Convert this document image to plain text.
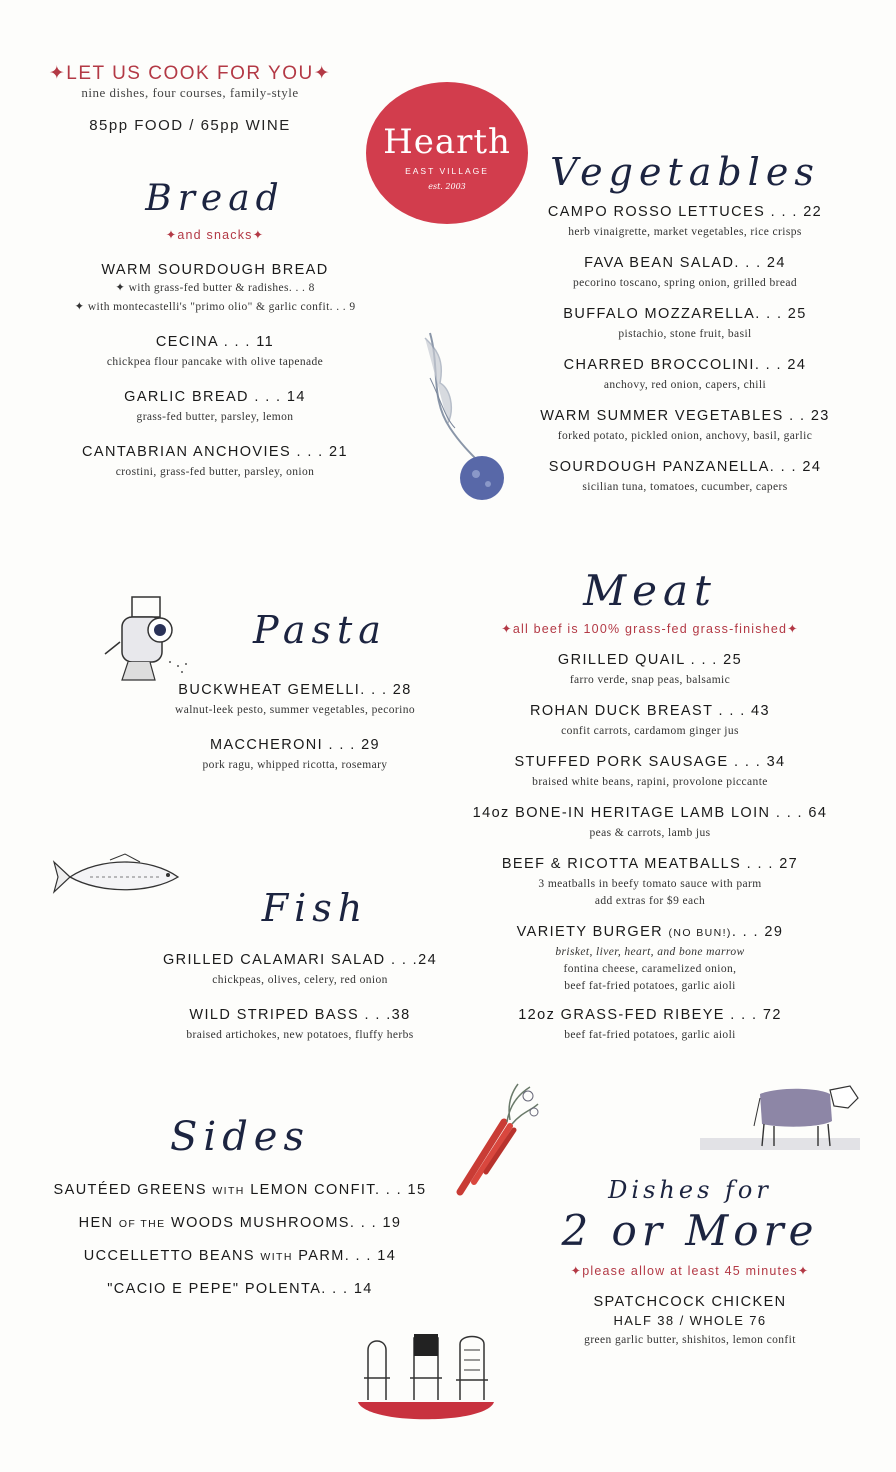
✦LET US COOK FOR YOU✦
nine dishes, four courses, family-style
85pp FOOD / 65pp WINE	Hearth
EAST VILLAGE
est. 2003
Bread
✦and snacks✦
WARM SOURDOUGH BREAD
✦ with grass-fed butter & radishes. . . 8
✦ with montecastelli's "primo olio" & garlic confit. . . 9
CECINA . . . 11
chickpea flour pancake with olive tapenade
GARLIC BREAD . . . 14
grass-fed butter, parsley, lemon
CANTABRIAN ANCHOVIES . . . 21
crostini, grass-fed butter, parsley, onion
Vegetables
CAMPO ROSSO LETTUCES . . . 22
herb vinaigrette, market vegetables, rice crisps
FAVA BEAN SALAD. . . 24
pecorino toscano, spring onion, grilled bread
BUFFALO MOZZARELLA. . . 25
pistachio, stone fruit, basil
CHARRED BROCCOLINI. . . 24
anchovy, red onion, capers, chili
WARM SUMMER VEGETABLES . . 23
forked potato, pickled onion, anchovy, basil, garlic
SOURDOUGH PANZANELLA. . . 24
sicilian tuna, tomatoes, cucumber, capers
Pasta
BUCKWHEAT GEMELLI. . . 28
walnut-leek pesto, summer vegetables, pecorino
MACCHERONI . . . 29
pork ragu, whipped ricotta, rosemary
Fish
GRILLED CALAMARI SALAD . . .24
chickpeas, olives, celery, red onion
WILD STRIPED BASS . . .38
braised artichokes, new potatoes, fluffy herbs
Meat
✦all beef is 100% grass-fed grass-finished✦
GRILLED QUAIL . . . 25
farro verde, snap peas, balsamic
ROHAN DUCK BREAST . . . 43
confit carrots, cardamom ginger jus
STUFFED PORK SAUSAGE . . . 34
braised white beans, rapini, provolone piccante
14oz BONE-IN HERITAGE LAMB LOIN . . . 64
peas & carrots, lamb jus
BEEF & RICOTTA MEATBALLS . . . 27
3 meatballs in beefy tomato sauce with parm
add extras for $9 each
VARIETY BURGER (NO BUN!). . . 29
brisket, liver, heart, and bone marrow
fontina cheese, caramelized onion,
beef fat-fried potatoes, garlic aioli
12oz GRASS-FED RIBEYE . . . 72
beef fat-fried potatoes, garlic aioli
Sides
SAUTÉED GREENS WITH LEMON CONFIT. . . 15
HEN OF THE WOODS MUSHROOMS. . . 19
UCCELLETTO BEANS WITH PARM. . . 14
"CACIO E PEPE" POLENTA. . . 14
Dishes for
2 or More
✦please allow at least 45 minutes✦
SPATCHCOCK CHICKEN
HALF 38 / WHOLE 76
green garlic butter, shishitos, lemon confit
